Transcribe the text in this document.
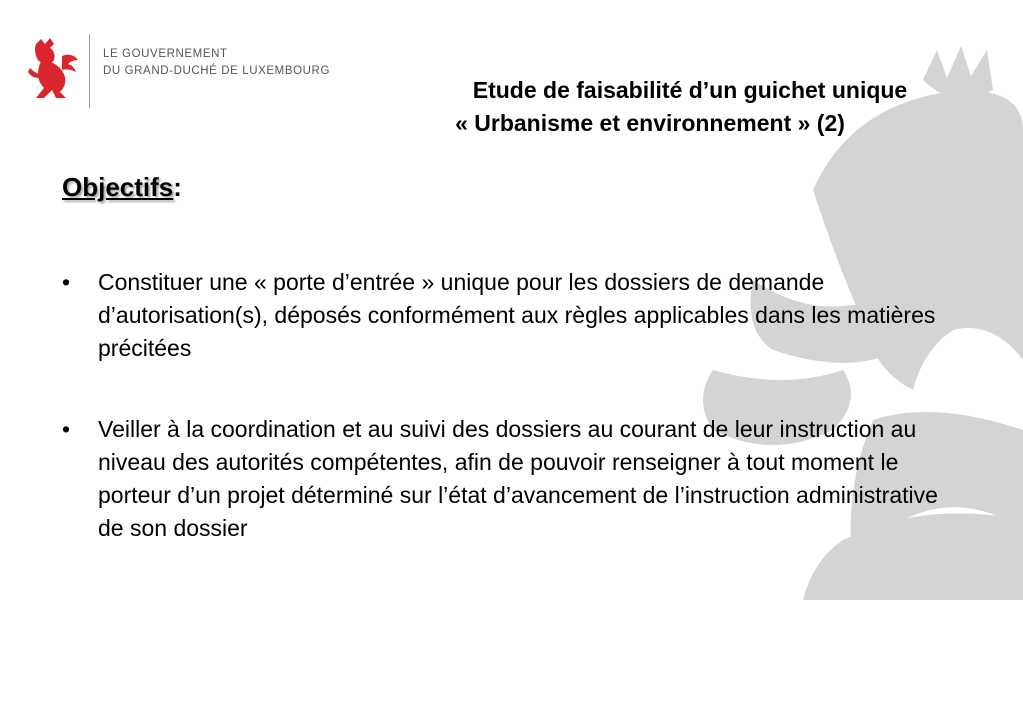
LE GOUVERNEMENT
DU GRAND-DUCHÉ DE LUXEMBOURG
Etude de faisabilité d’un guichet unique
« Urbanisme et environnement » (2)
Objectifs:
• Constituer une « porte d’entrée » unique pour les dossiers de demande d’autorisation(s), déposés conformément aux règles applicables dans les matières précitées
• Veiller à la coordination et au suivi des dossiers au courant de leur instruction au niveau des autorités compétentes, afin de pouvoir renseigner à tout moment le porteur d’un projet déterminé sur l’état d’avancement de l’instruction administrative de son dossier
